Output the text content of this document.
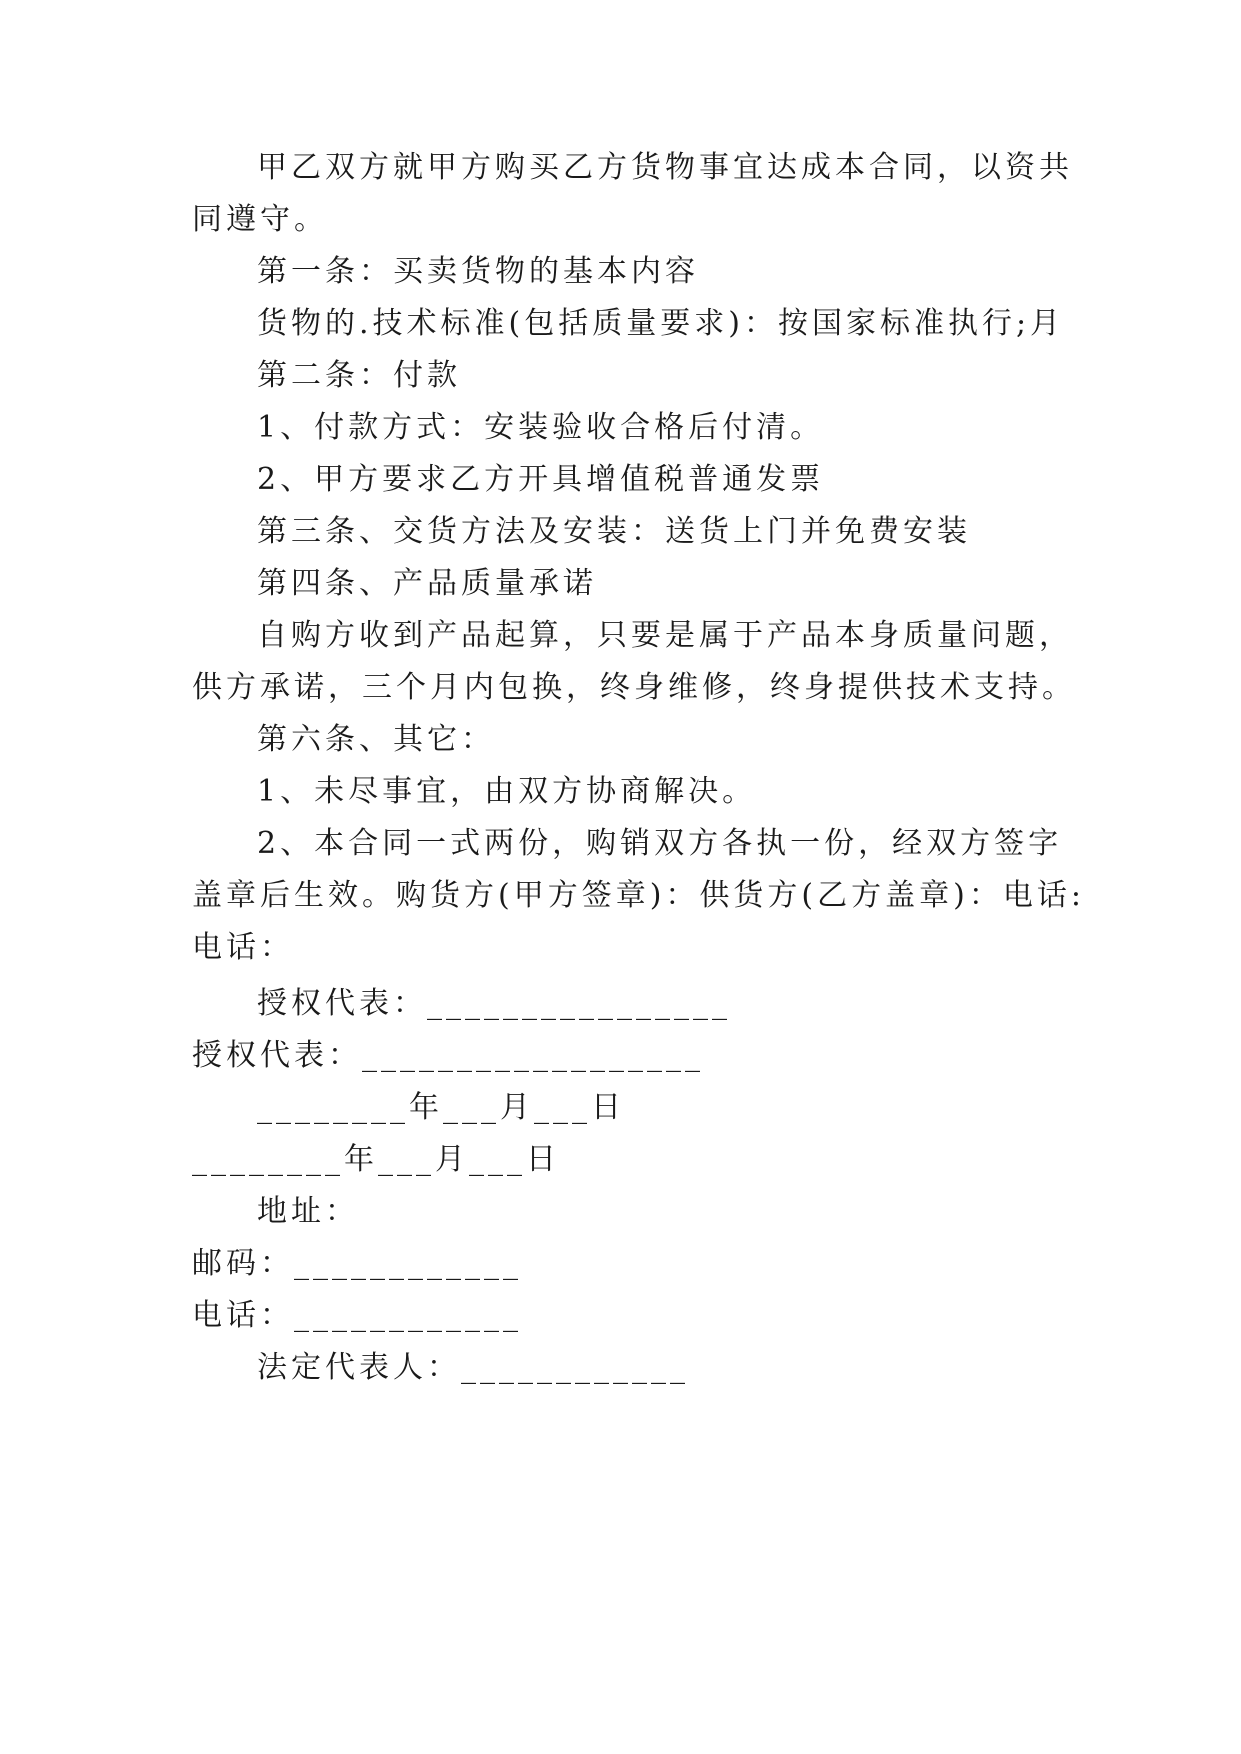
甲乙双方就甲方购买乙方货物事宜达成本合同，以资共
同遵守。
第一条：买卖货物的基本内容
货物的.技术标准(包括质量要求)：按国家标准执行;月
第二条：付款
1、付款方式：安装验收合格后付清。
2、甲方要求乙方开具增值税普通发票
第三条、交货方法及安装：送货上门并免费安装
第四条、产品质量承诺
自购方收到产品起算，只要是属于产品本身质量问题，
供方承诺，三个月内包换，终身维修，终身提供技术支持。
第六条、其它：
1、未尽事宜，由双方协商解决。
2、本合同一式两份，购销双方各执一份，经双方签字
盖章后生效。购货方(甲方签章)：供货方(乙方盖章)：电话:
电话：
授权代表：________________
授权代表：__________________
________年___月___日
________年___月___日
地址：
邮码：____________
电话：____________
法定代表人：____________
